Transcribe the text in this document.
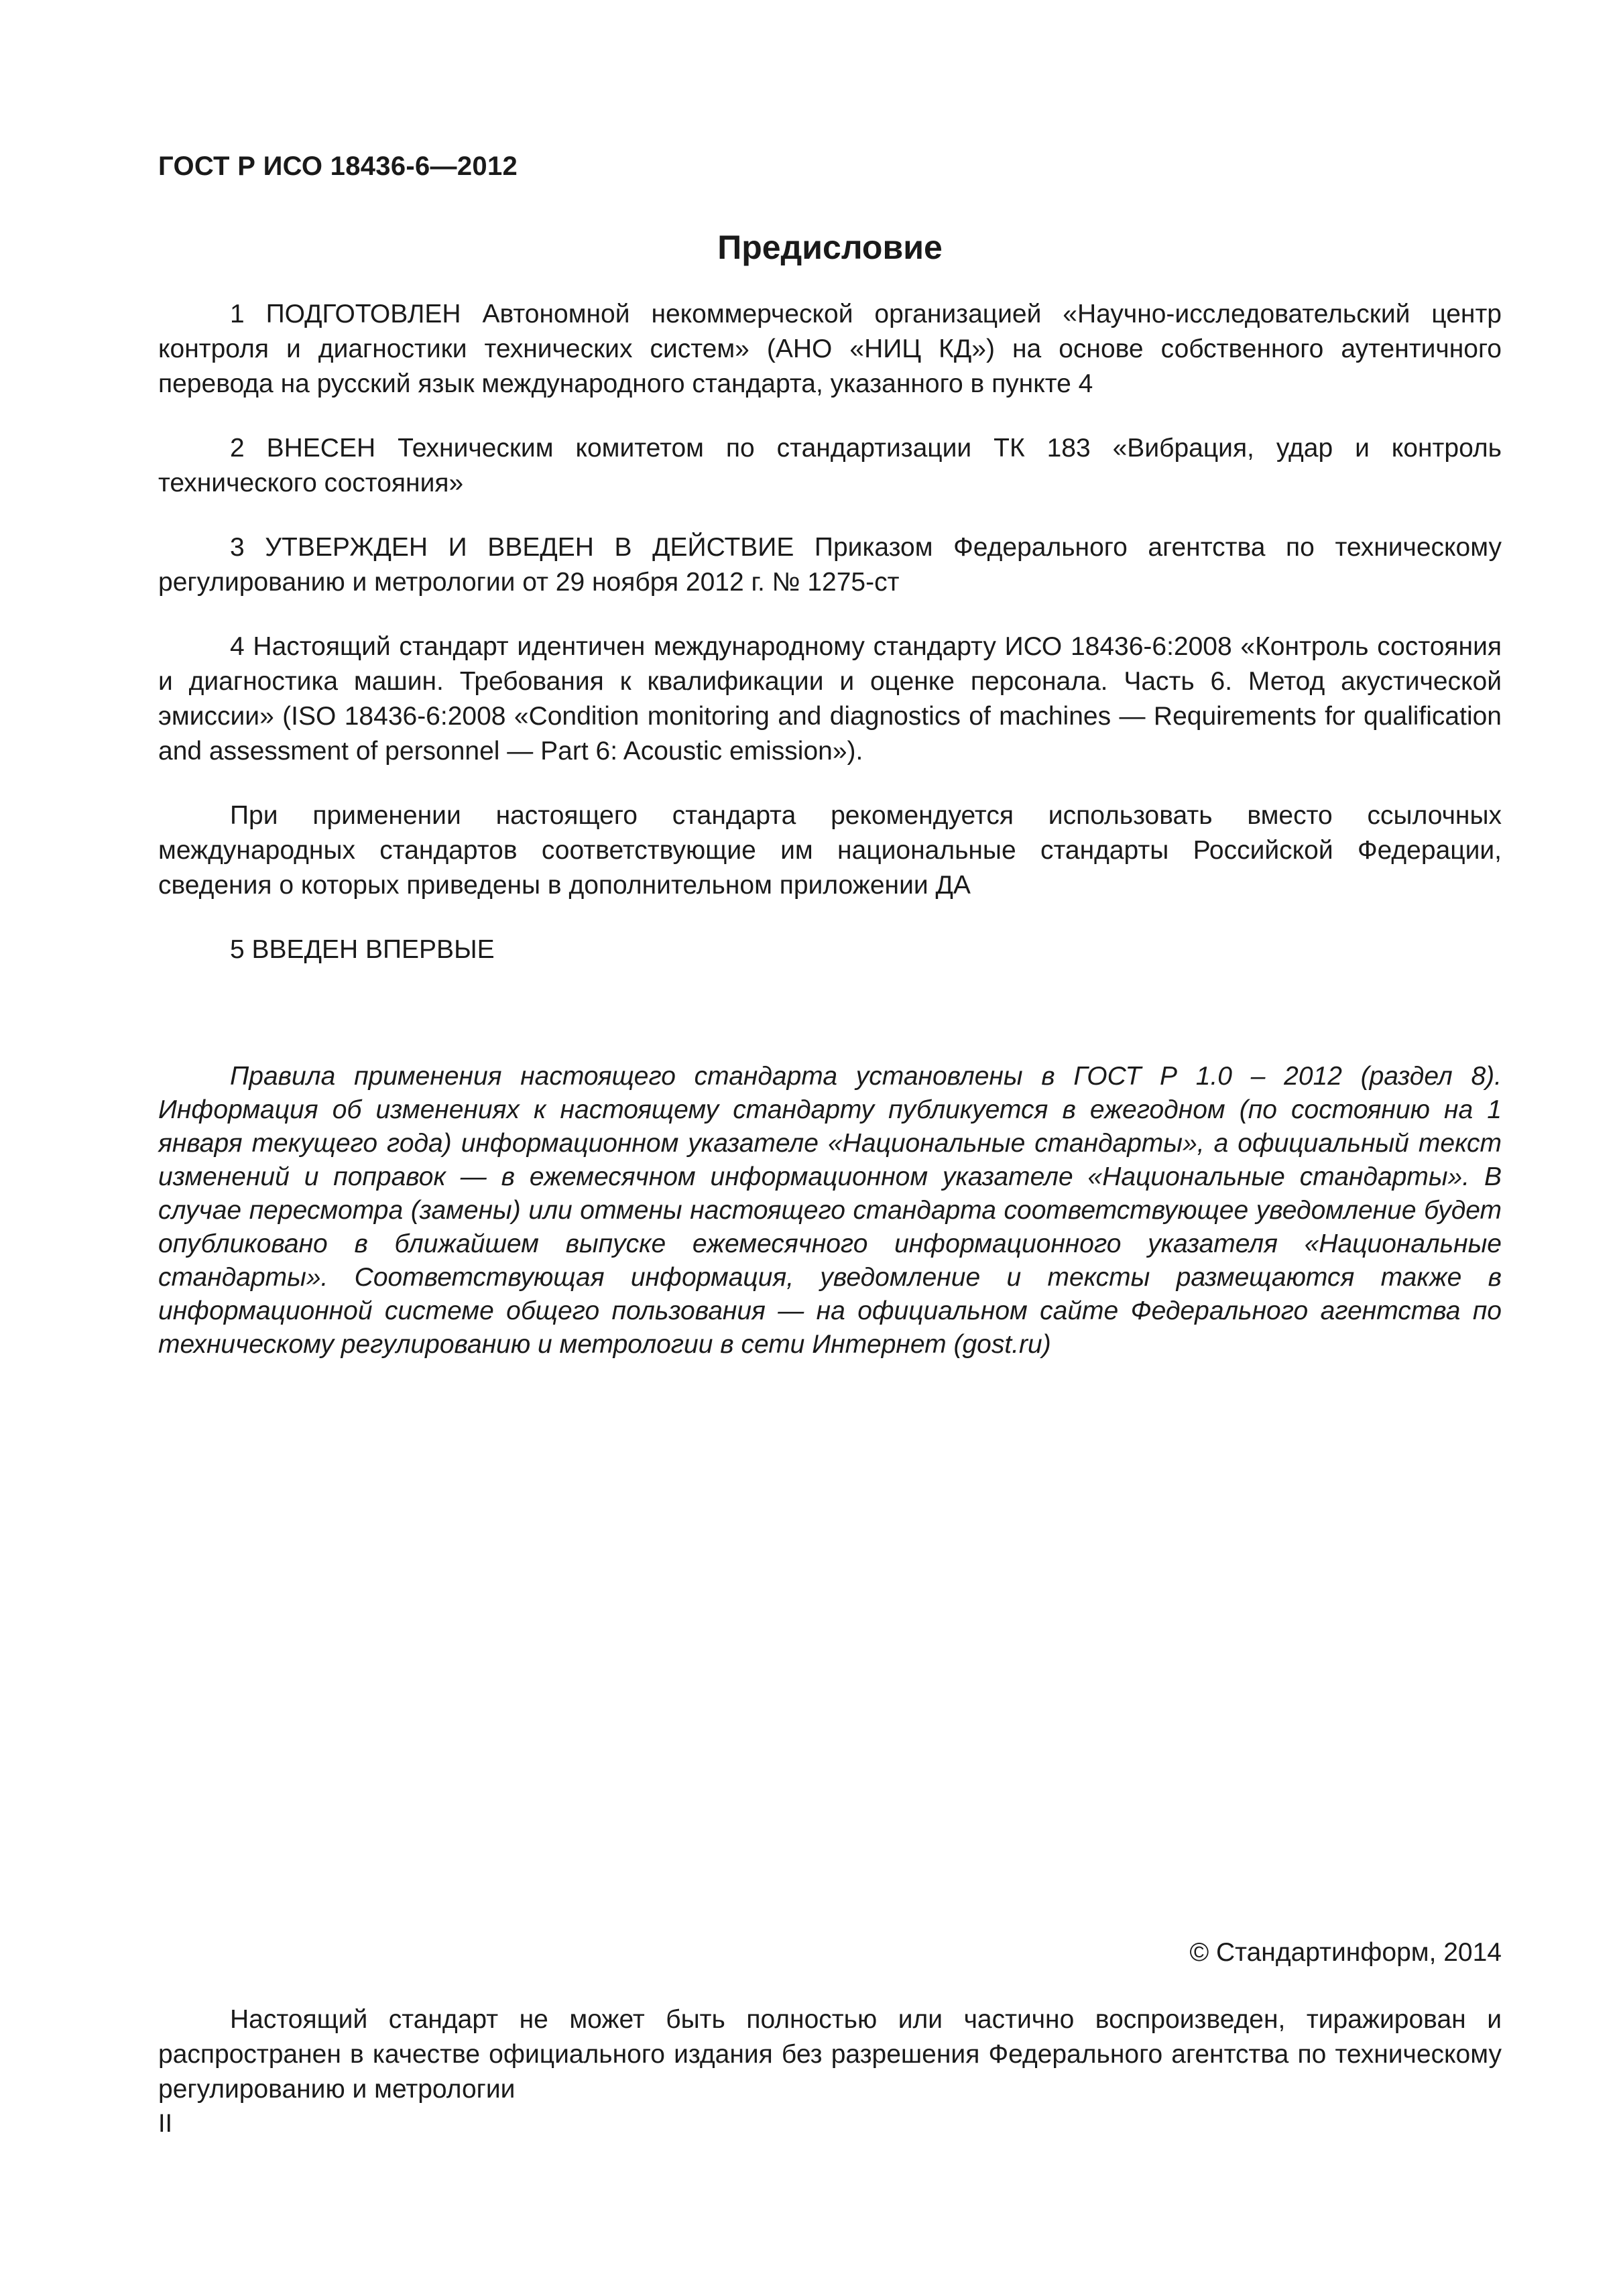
ГОСТ Р ИСО 18436-6—2012
Предисловие

1 ПОДГОТОВЛЕН Автономной некоммерческой организацией «Научно-исследовательский центр контроля и диагностики технических систем» (АНО «НИЦ КД») на основе собственного аутентичного перевода на русский язык международного стандарта, указанного в пункте 4

2 ВНЕСЕН Техническим комитетом по стандартизации ТК 183 «Вибрация, удар и контроль технического состояния»

3 УТВЕРЖДЕН И ВВЕДЕН В ДЕЙСТВИЕ Приказом Федерального агентства по техническому регулированию и метрологии от 29 ноября 2012 г. № 1275-ст

4 Настоящий стандарт идентичен международному стандарту ИСО 18436-6:2008 «Контроль состояния и диагностика машин. Требования к квалификации и оценке персонала. Часть 6. Метод акустической эмиссии» (ISO 18436-6:2008 «Condition monitoring and diagnostics of machines — Requirements for qualification and assessment of personnel — Part 6: Acoustic emission»).

При применении настоящего стандарта рекомендуется использовать вместо ссылочных международных стандартов соответствующие им национальные стандарты Российской Федерации, сведения о которых приведены в дополнительном приложении ДА

5 ВВЕДЕН ВПЕРВЫЕ

Правила применения настоящего стандарта установлены в ГОСТ Р 1.0 – 2012 (раздел 8). Информация об изменениях к настоящему стандарту публикуется в ежегодном (по состоянию на 1 января текущего года) информационном указателе «Национальные стандарты», а официальный текст изменений и поправок — в ежемесячном информационном указателе «Национальные стандарты». В случае пересмотра (замены) или отмены настоящего стандарта соответствующее уведомление будет опубликовано в ближайшем выпуске ежемесячного информационного указателя «Национальные стандарты». Соответствующая информация, уведомление и тексты размещаются также в информационной системе общего пользования — на официальном сайте Федерального агентства по техническому регулированию и метрологии в сети Интернет (gost.ru)

© Стандартинформ, 2014

Настоящий стандарт не может быть полностью или частично воспроизведен, тиражирован и распространен в качестве официального издания без разрешения Федерального агентства по техническому регулированию и метрологии

II
